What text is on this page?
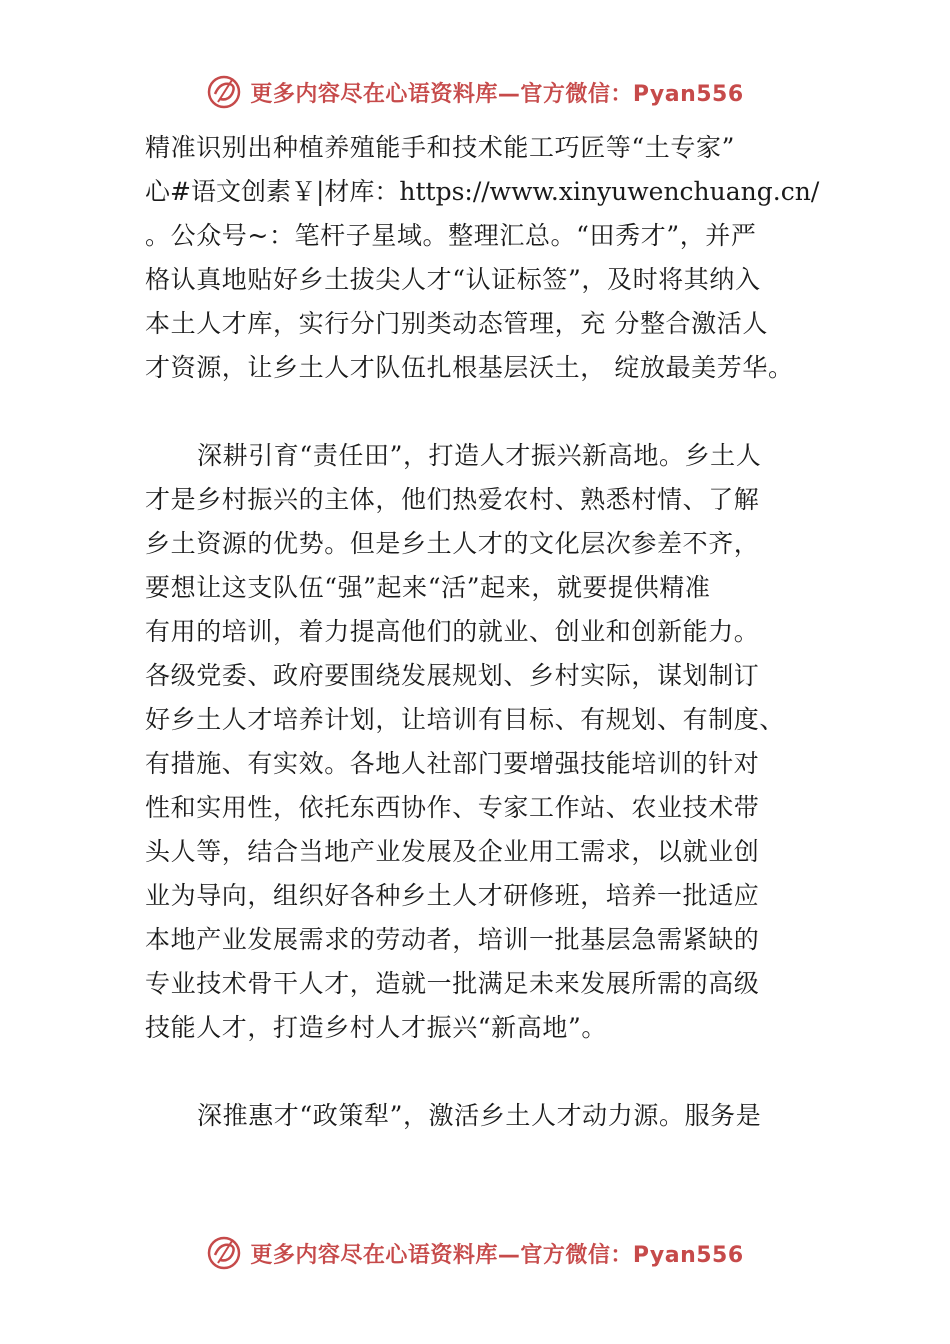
更多内容尽在心语资料库—官方微信：Pyan556
精准识别出种植养殖能手和技术能工巧匠等“土专家”
心#语文创素￥|材库：https://www.xinyuwenchuang.cn/
。公众号~：笔杆子星域。整理汇总。“田秀才”，并严
格认真地贴好乡土拔尖人才“认证标签”，及时将其纳入
本土人才库，实行分门别类动态管理，充 分整合激活人
才资源，让乡土人才队伍扎根基层沃土， 绽放最美芳华。
深耕引育“责任田”，打造人才振兴新高地。乡土人
才是乡村振兴的主体，他们热爱农村、熟悉村情、了解
乡土资源的优势。但是乡土人才的文化层次参差不齐，
要想让这支队伍“强”起来“活”起来，就要提供精准
有用的培训，着力提高他们的就业、创业和创新能力。
各级党委、政府要围绕发展规划、乡村实际，谋划制订
好乡土人才培养计划，让培训有目标、有规划、有制度、
有措施、有实效。各地人社部门要增强技能培训的针对
性和实用性，依托东西协作、专家工作站、农业技术带
头人等，结合当地产业发展及企业用工需求，以就业创
业为导向，组织好各种乡土人才研修班，培养一批适应
本地产业发展需求的劳动者，培训一批基层急需紧缺的
专业技术骨干人才，造就一批满足未来发展所需的高级
技能人才，打造乡村人才振兴“新高地”。
深推惠才“政策犁”，激活乡土人才动力源。服务是
更多内容尽在心语资料库—官方微信：Pyan556
